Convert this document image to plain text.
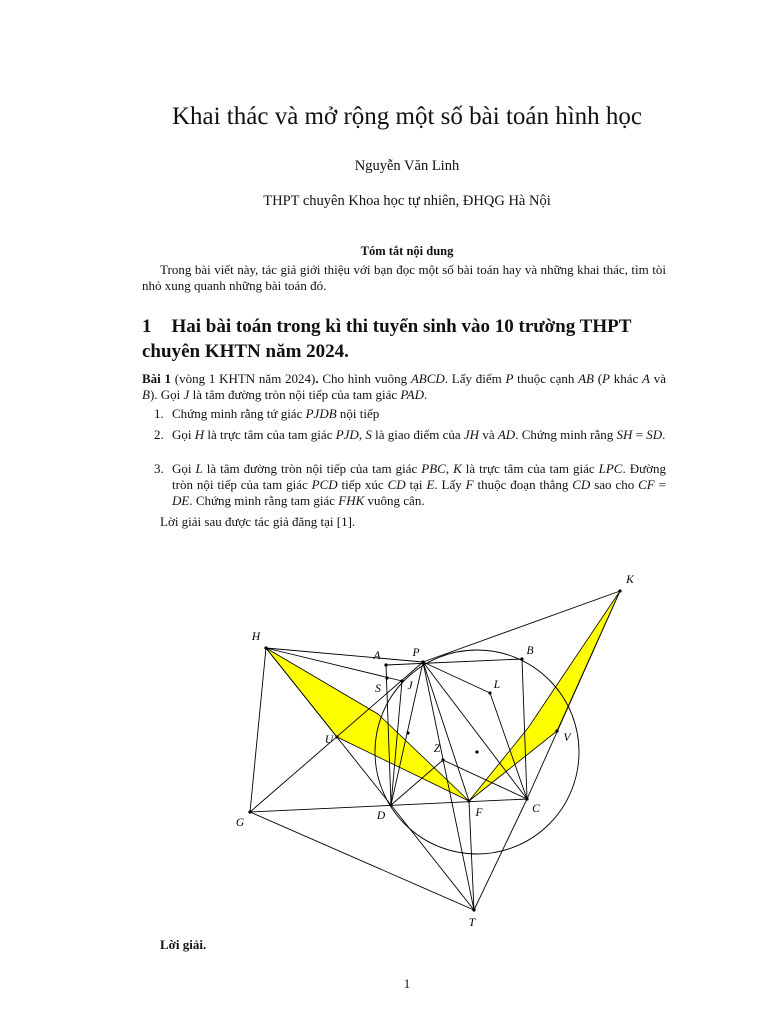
Khai thác và mở rộng một số bài toán hình học
Nguyễn Văn Linh
THPT chuyên Khoa học tự nhiên, ĐHQG Hà Nội
Tóm tắt nội dung
Trong bài viết này, tác giả giới thiệu với bạn đọc một số bài toán hay và những khai thác, tìm tòi nhỏ xung quanh những bài toán đó.
1 Hai bài toán trong kì thi tuyển sinh vào 10 trường THPT
chuyên KHTN năm 2024.
Bài 1 (vòng 1 KHTN năm 2024). Cho hình vuông ABCD. Lấy điểm P thuộc cạnh AB (P khác A và B). Gọi J là tâm đường tròn nội tiếp của tam giác PAD.
1. Chứng minh rằng tứ giác PJDB nội tiếp
2. Gọi H là trực tâm của tam giác PJD, S là giao điểm của JH và AD. Chứng minh rằng SH = SD.
3. Gọi L là tâm đường tròn nội tiếp của tam giác PBC, K là trực tâm của tam giác LPC. Đường tròn nội tiếp của tam giác PCD tiếp xúc CD tại E. Lấy F thuộc đoạn thẳng CD sao cho CF = DE. Chứng minh rằng tam giác FHK vuông cân.
Lời giải sau được tác giả đăng tại [1].
K
H
A	P	B
S J	L
U	V
Z
D	F	C
G
T
Lời giải.
1
